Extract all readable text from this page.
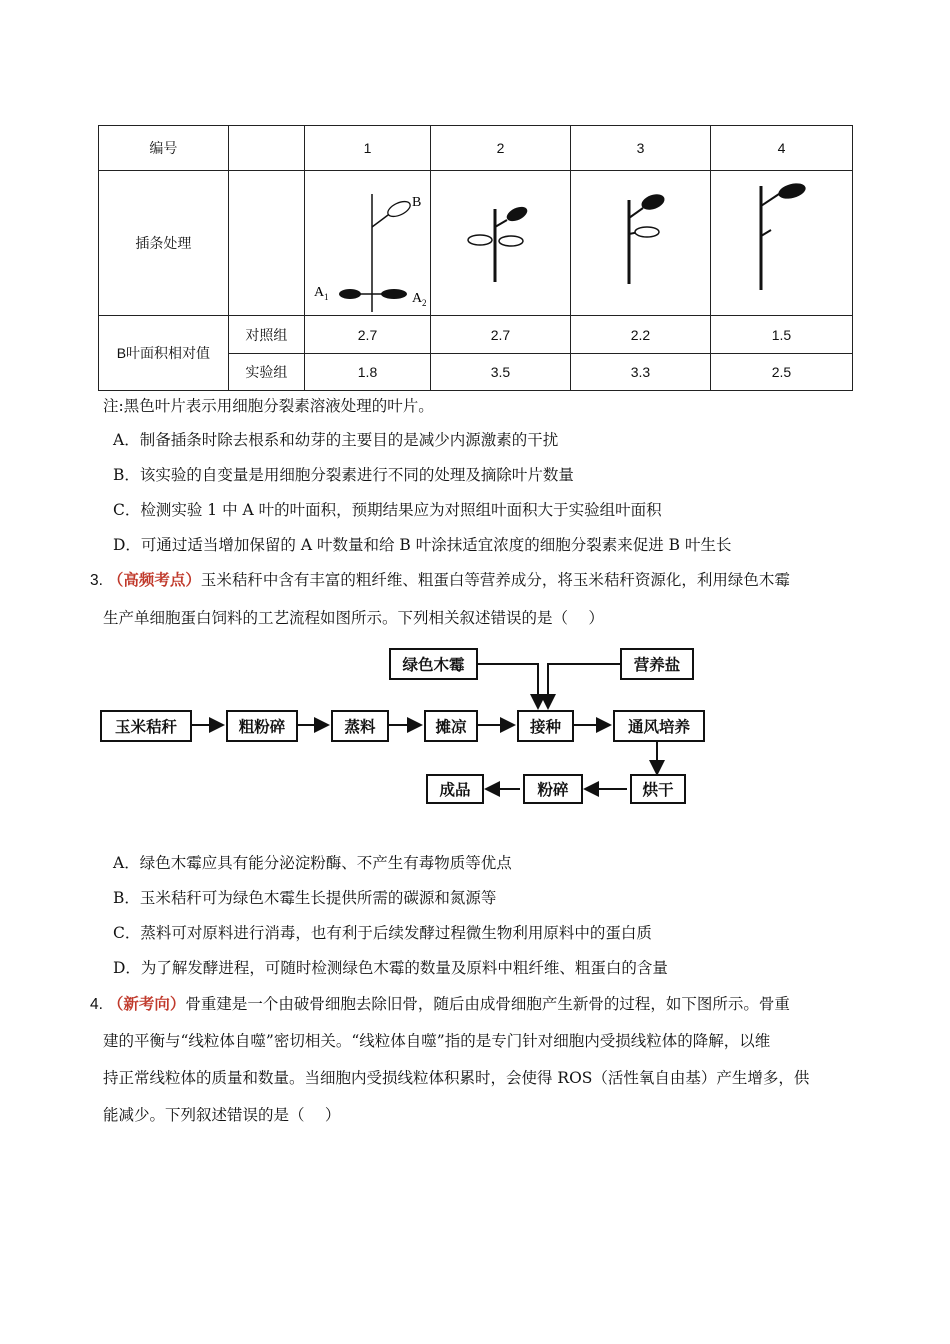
编号		1	2	3	4
插条处理		A 1 A 2
B

B叶面积相对值	对照组	2.7	2.7	2.2	1.5
	实验组	1.8	3.5	3.3	2.5
注:黑色叶片表示用细胞分裂素溶液处理的叶片。
A．制备插条时除去根系和幼芽的主要目的是减少内源激素的干扰
B．该实验的自变量是用细胞分裂素进行不同的处理及摘除叶片数量
C．检测实验 1 中 A 叶的叶面积，预期结果应为对照组叶面积大于实验组叶面积
D．可通过适当增加保留的 A 叶数量和给 B 叶涂抹适宜浓度的细胞分裂素来促进 B 叶生长
3. （高频考点）玉米秸秆中含有丰富的粗纤维、粗蛋白等营养成分，将玉米秸秆资源化，利用绿色木霉
生产单细胞蛋白饲料的工艺流程如图所示。下列相关叙述错误的是（　 ）
玉米秸秆	粗粉碎	蒸料	摊凉	接种	通风培养
绿色木霉	营养盐
烘干
粉碎
成品
A．绿色木霉应具有能分泌淀粉酶、不产生有毒物质等优点
B．玉米秸秆可为绿色木霉生长提供所需的碳源和氮源等
C．蒸料可对原料进行消毒，也有利于后续发酵过程微生物利用原料中的蛋白质
D．为了解发酵进程，可随时检测绿色木霉的数量及原料中粗纤维、粗蛋白的含量
4. （新考向）骨重建是一个由破骨细胞去除旧骨，随后由成骨细胞产生新骨的过程，如下图所示。骨重
建的平衡与“线粒体自噬”密切相关。“线粒体自噬”指的是专门针对细胞内受损线粒体的降解，以维
持正常线粒体的质量和数量。当细胞内受损线粒体积累时，会使得 ROS（活性氧自由基）产生增多，供
能减少。下列叙述错误的是（　 ）
